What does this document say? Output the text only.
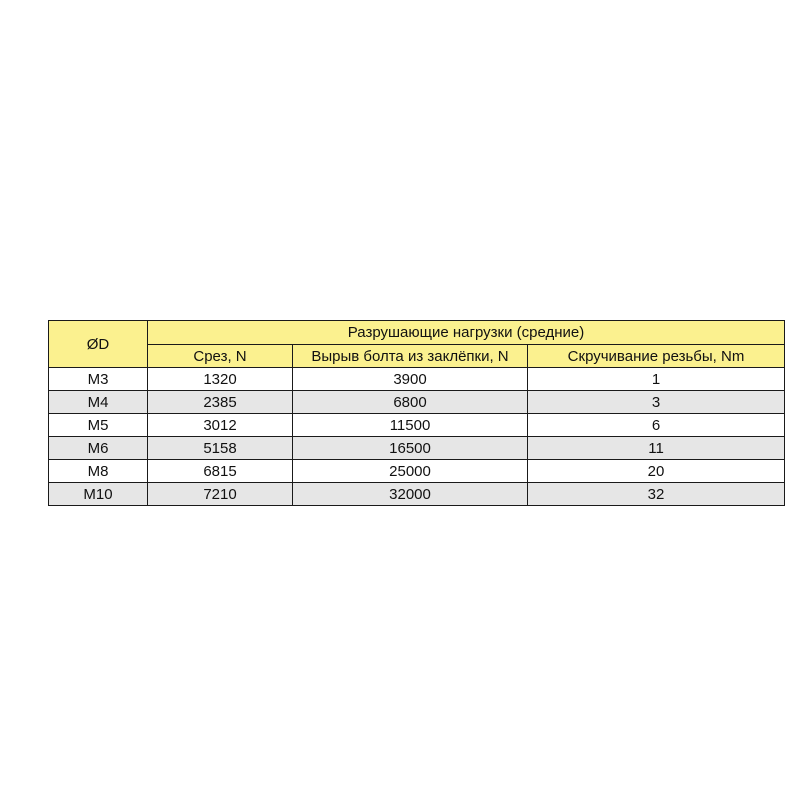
ØD	Разрушающие нагрузки (средние)		
	Срез, N	Вырыв болта из заклёпки, N	Скручивание резьбы, Nm
M3	1320	3900	1
M4	2385	6800	3
M5	3012	11500	6
M6	5158	16500	11
M8	6815	25000	20
M10	7210	32000	32
